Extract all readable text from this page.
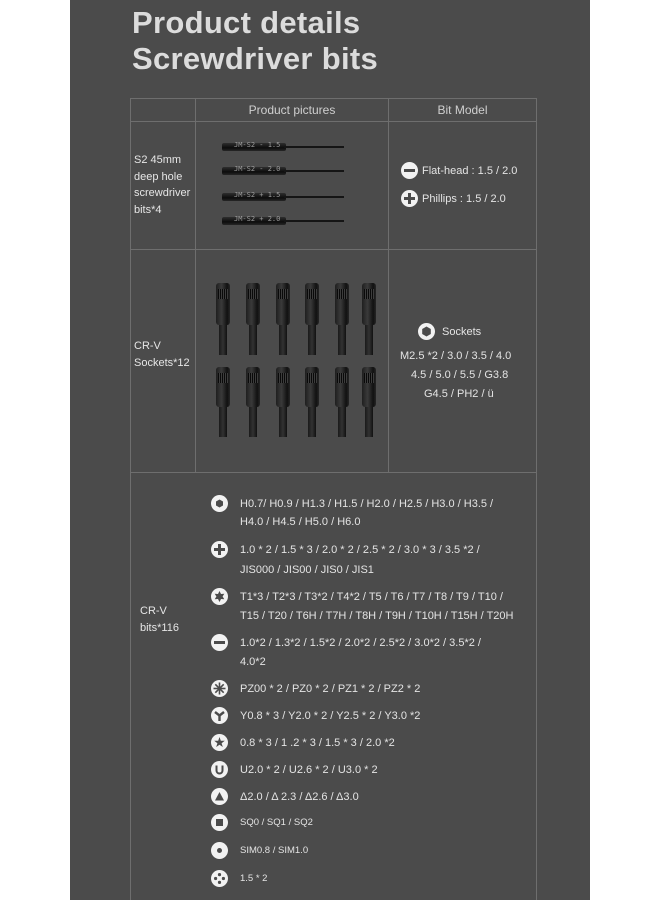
Product details
Screwdriver bits
Product pictures	Bit Model
S2 45mm
deep hole
screwdriver
bits*4
JM-S2 - 1.5
JM-S2 - 2.0
JM-S2 + 1.5
JM-S2 + 2.0
Flat-head : 1.5 / 2.0
Phillips : 1.5 / 2.0
CR-V
Sockets*12
Sockets
M2.5 *2 / 3.0 / 3.5 / 4.0
4.5 / 5.0 / 5.5 / G3.8
G4.5 / PH2 / ü
CR-V
bits*116
H0.7/ H0.9 / H1.3 / H1.5 / H2.0 / H2.5 / H3.0 / H3.5 /
H4.0 / H4.5 / H5.0 / H6.0
1.0 * 2 / 1.5 * 3 / 2.0 * 2 / 2.5 * 2 / 3.0 * 3 / 3.5 *2 /
JIS000 / JIS00 / JIS0 / JIS1
T1*3 / T2*3 / T3*2 / T4*2 / T5 / T6 / T7 / T8 / T9 / T10 /
T15 / T20 / T6H / T7H / T8H / T9H / T10H / T15H / T20H
1.0*2 / 1.3*2 / 1.5*2 / 2.0*2 / 2.5*2 / 3.0*2 / 3.5*2 /
4.0*2
PZ00 * 2 / PZ0 * 2 / PZ1 * 2 / PZ2 * 2
Y0.8 * 3 / Y2.0 * 2 / Y2.5 * 2 / Y3.0 *2
0.8 * 3 / 1 .2 * 3 / 1.5 * 3 / 2.0 *2
U2.0 * 2 / U2.6 * 2 / U3.0 * 2
Δ2.0 / Δ 2.3 / Δ2.6 / Δ3.0
SQ0 / SQ1 / SQ2
SIM0.8 / SIM1.0
1.5 * 2
